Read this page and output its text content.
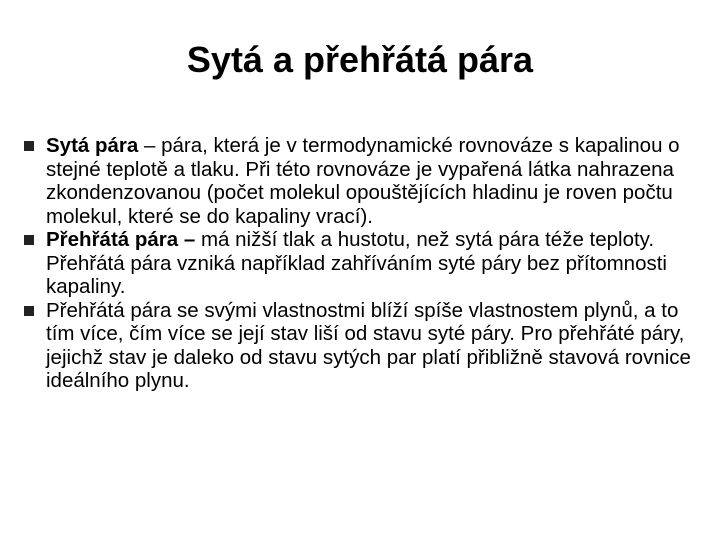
Sytá a přehřátá pára
Sytá pára – pára, která je v termodynamické rovnováze s kapalinou o stejné teplotě a tlaku. Při této rovnováze je vypařená látka nahrazena zkondenzovanou (počet molekul opouštějících hladinu je roven počtu molekul, které se do kapaliny vrací).
Přehřátá pára – má nižší tlak a hustotu, než sytá pára téže teploty. Přehřátá pára vzniká například zahříváním syté páry bez přítomnosti kapaliny.
Přehřátá pára se svými vlastnostmi blíží spíše vlastnostem plynů, a to tím více, čím více se její stav liší od stavu syté páry. Pro přehřáté páry, jejichž stav je daleko od stavu sytých par platí přibližně stavová rovnice ideálního plynu.
